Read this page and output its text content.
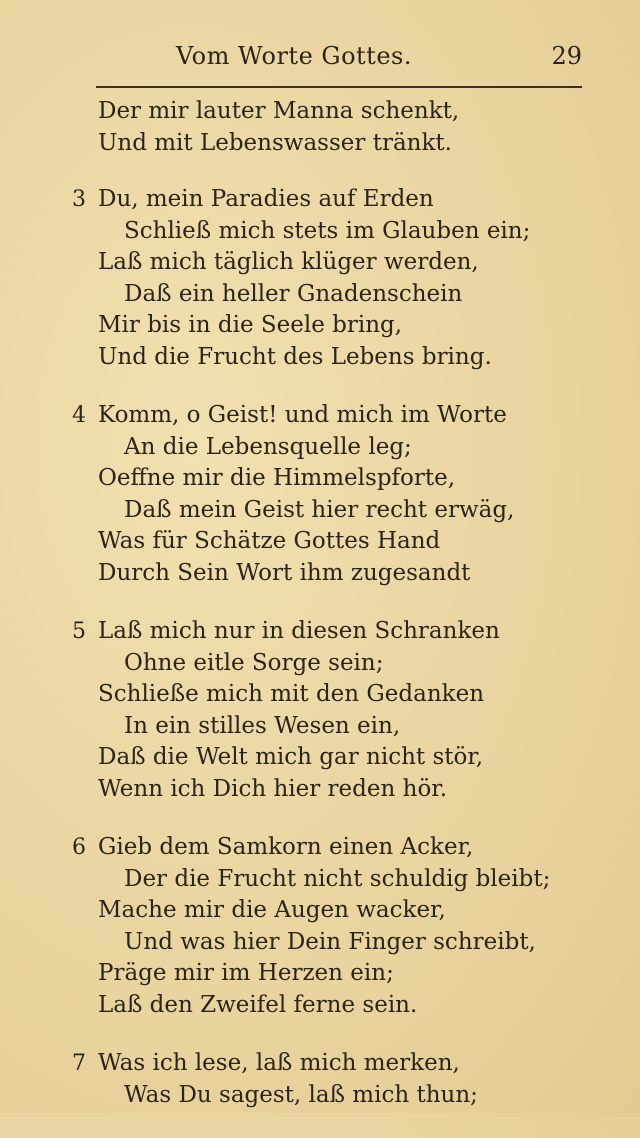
Vom Worte Gottes.	29
Der mir lauter Manna schenkt,
Und mit Lebenswasser tränkt.
3 Du, mein Paradies auf Erden
Schließ mich stets im Glauben ein;
Laß mich täglich klüger werden,
Daß ein heller Gnadenschein
Mir bis in die Seele bring,
Und die Frucht des Lebens bring.
4 Komm, o Geist! und mich im Worte
An die Lebensquelle leg;
Oeffne mir die Himmelspforte,
Daß mein Geist hier recht erwäg,
Was für Schätze Gottes Hand
Durch Sein Wort ihm zugesandt
5 Laß mich nur in diesen Schranken
Ohne eitle Sorge sein;
Schließe mich mit den Gedanken
In ein stilles Wesen ein,
Daß die Welt mich gar nicht stör,
Wenn ich Dich hier reden hör.
6 Gieb dem Samkorn einen Acker,
Der die Frucht nicht schuldig bleibt;
Mache mir die Augen wacker,
Und was hier Dein Finger schreibt,
Präge mir im Herzen ein;
Laß den Zweifel ferne sein.
7 Was ich lese, laß mich merken,
Was Du sagest, laß mich thun;
